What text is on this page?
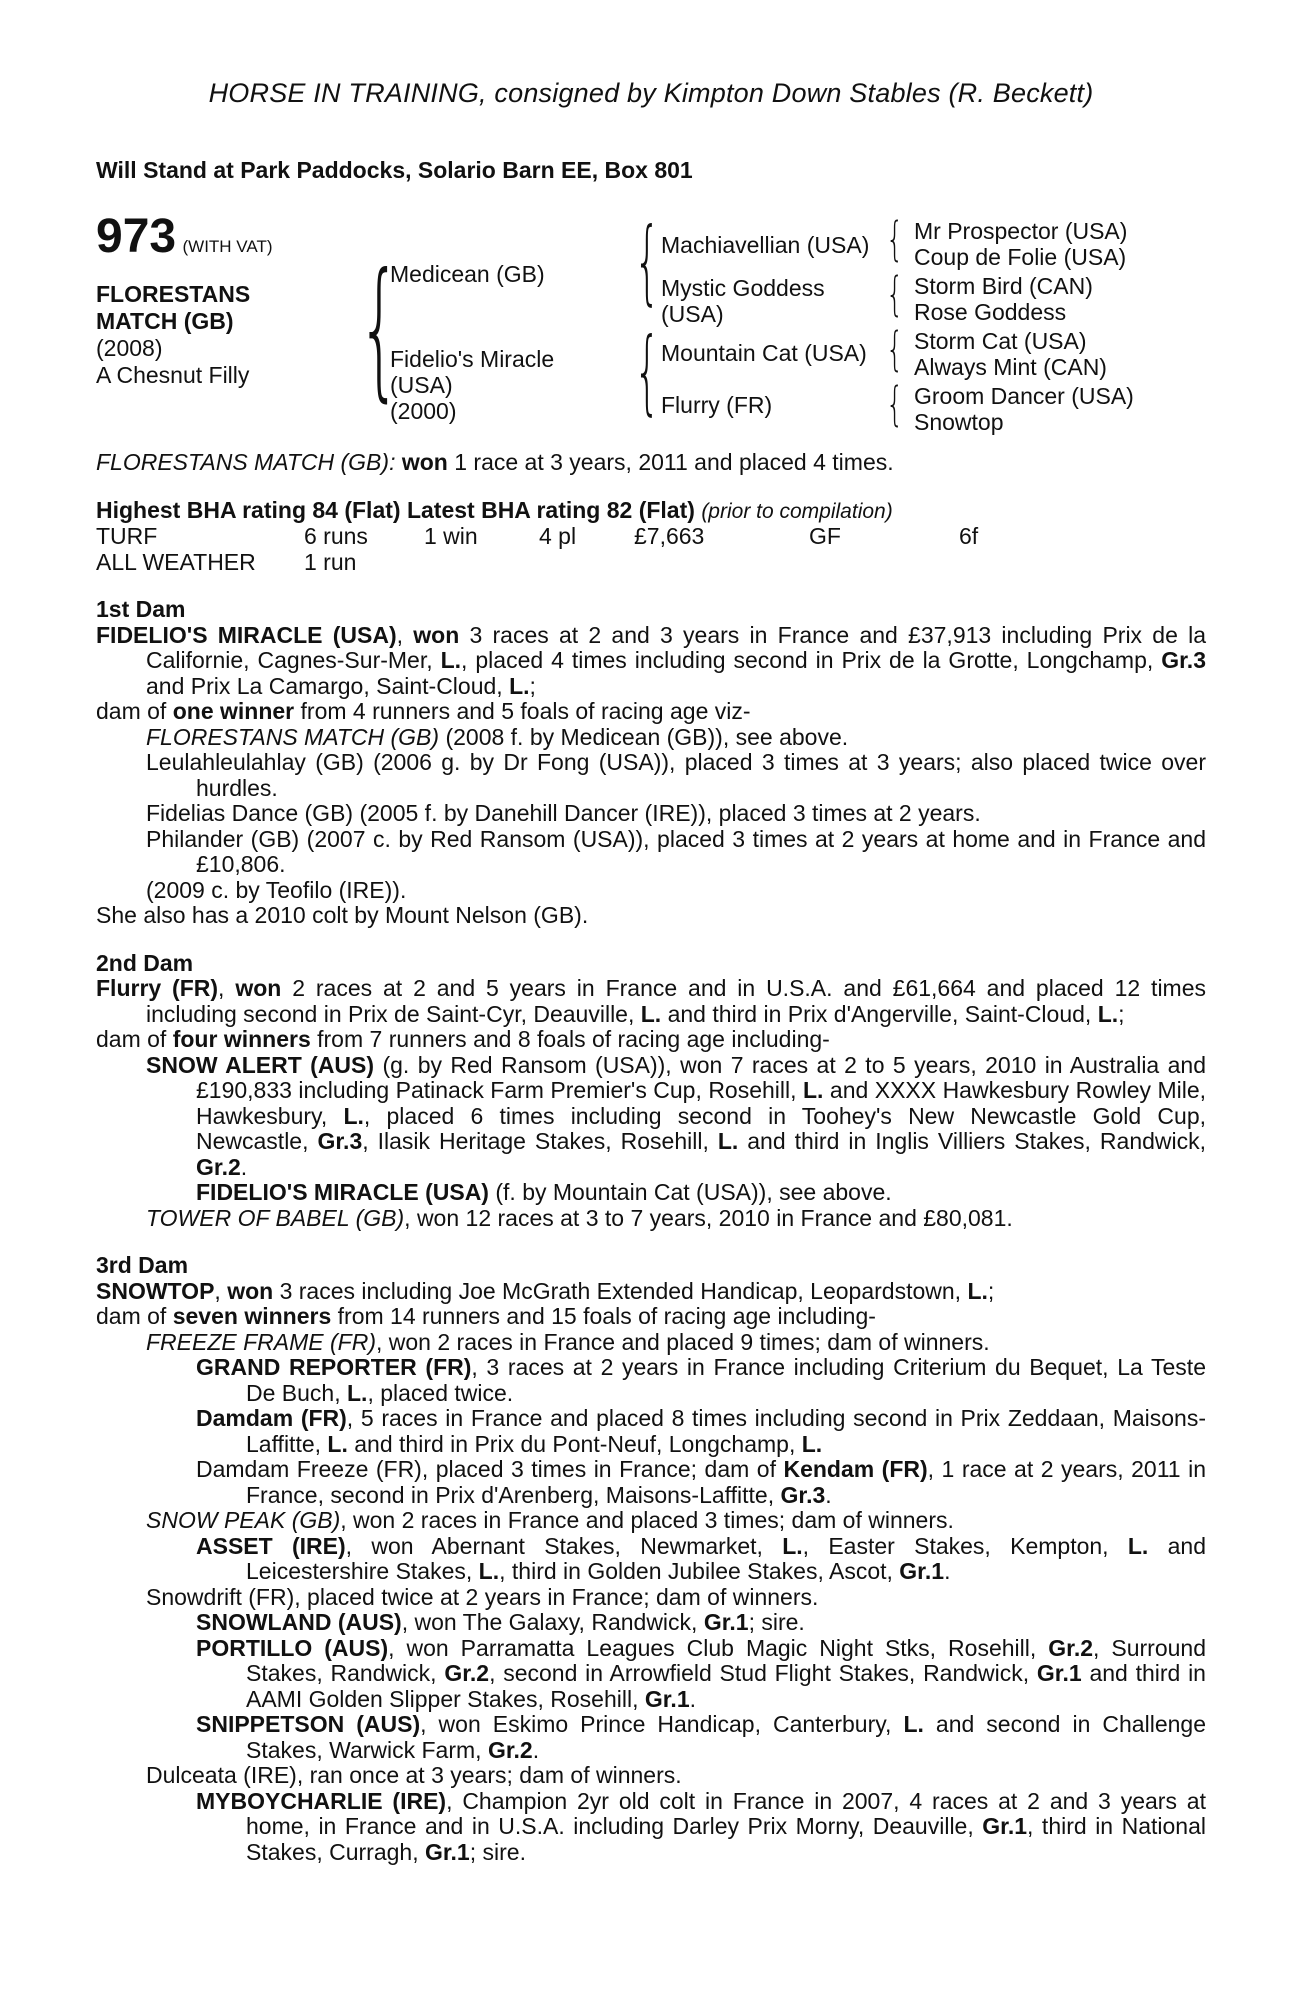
HORSE IN TRAINING, consigned by Kimpton Down Stables (R. Beckett)

Will Stand at Park Paddocks, Solario Barn EE, Box 801
973 (WITH VAT)
FLORESTANS
MATCH (GB)
(2008)
A Chesnut Filly {
Medicean (GB)
Fidelio's Miracle
(USA)
(2000)
{
{
Machiavellian (USA)
Mystic Goddess
(USA)
Mountain Cat (USA)
Flurry (FR)
{
{
{
{
Mr Prospector (USA)
Coup de Folie (USA)
Storm Bird (CAN)
Rose Goddess
Storm Cat (USA)
Always Mint (CAN)
Groom Dancer (USA)
Snowtop

FLORESTANS MATCH (GB): won 1 race at 3 years, 2011 and placed 4 times.

Highest BHA rating 84 (Flat) Latest BHA rating 82 (Flat) (prior to compilation)

TURF	6 runs	1 win	4 pl	£7,663	GF	6f
ALL WEATHER	1 run

1st Dam

FIDELIO'S MIRACLE (USA), won 3 races at 2 and 3 years in France and £37,913 including Prix de la Californie, Cagnes-Sur-Mer, L., placed 4 times including second in Prix de la Grotte, Longchamp, Gr.3 and Prix La Camargo, Saint-Cloud, L.;

dam of one winner from 4 runners and 5 foals of racing age viz-

FLORESTANS MATCH (GB) (2008 f. by Medicean (GB)), see above.

Leulahleulahlay (GB) (2006 g. by Dr Fong (USA)), placed 3 times at 3 years; also placed twice over hurdles.

Fidelias Dance (GB) (2005 f. by Danehill Dancer (IRE)), placed 3 times at 2 years.

Philander (GB) (2007 c. by Red Ransom (USA)), placed 3 times at 2 years at home and in France and £10,806.

(2009 c. by Teofilo (IRE)).

She also has a 2010 colt by Mount Nelson (GB).

2nd Dam

Flurry (FR), won 2 races at 2 and 5 years in France and in U.S.A. and £61,664 and placed 12 times including second in Prix de Saint-Cyr, Deauville, L. and third in Prix d'Angerville, Saint-Cloud, L.;

dam of four winners from 7 runners and 8 foals of racing age including-

SNOW ALERT (AUS) (g. by Red Ransom (USA)), won 7 races at 2 to 5 years, 2010 in Australia and £190,833 including Patinack Farm Premier's Cup, Rosehill, L. and XXXX Hawkesbury Rowley Mile, Hawkesbury, L., placed 6 times including second in Toohey's New Newcastle Gold Cup, Newcastle, Gr.3, Ilasik Heritage Stakes, Rosehill, L. and third in Inglis Villiers Stakes, Randwick, Gr.2.

FIDELIO'S MIRACLE (USA) (f. by Mountain Cat (USA)), see above.

TOWER OF BABEL (GB), won 12 races at 3 to 7 years, 2010 in France and £80,081.

3rd Dam

SNOWTOP, won 3 races including Joe McGrath Extended Handicap, Leopardstown, L.;

dam of seven winners from 14 runners and 15 foals of racing age including-

FREEZE FRAME (FR), won 2 races in France and placed 9 times; dam of winners.

GRAND REPORTER (FR), 3 races at 2 years in France including Criterium du Bequet, La Teste De Buch, L., placed twice.

Damdam (FR), 5 races in France and placed 8 times including second in Prix Zeddaan, Maisons-Laffitte, L. and third in Prix du Pont-Neuf, Longchamp, L.

Damdam Freeze (FR), placed 3 times in France; dam of Kendam (FR), 1 race at 2 years, 2011 in France, second in Prix d'Arenberg, Maisons-Laffitte, Gr.3.

SNOW PEAK (GB), won 2 races in France and placed 3 times; dam of winners.

ASSET (IRE), won Abernant Stakes, Newmarket, L., Easter Stakes, Kempton, L. and Leicestershire Stakes, L., third in Golden Jubilee Stakes, Ascot, Gr.1.

Snowdrift (FR), placed twice at 2 years in France; dam of winners.

SNOWLAND (AUS), won The Galaxy, Randwick, Gr.1; sire.

PORTILLO (AUS), won Parramatta Leagues Club Magic Night Stks, Rosehill, Gr.2, Surround Stakes, Randwick, Gr.2, second in Arrowfield Stud Flight Stakes, Randwick, Gr.1 and third in AAMI Golden Slipper Stakes, Rosehill, Gr.1.

SNIPPETSON (AUS), won Eskimo Prince Handicap, Canterbury, L. and second in Challenge Stakes, Warwick Farm, Gr.2.

Dulceata (IRE), ran once at 3 years; dam of winners.

MYBOYCHARLIE (IRE), Champion 2yr old colt in France in 2007, 4 races at 2 and 3 years at home, in France and in U.S.A. including Darley Prix Morny, Deauville, Gr.1, third in National Stakes, Curragh, Gr.1; sire.
